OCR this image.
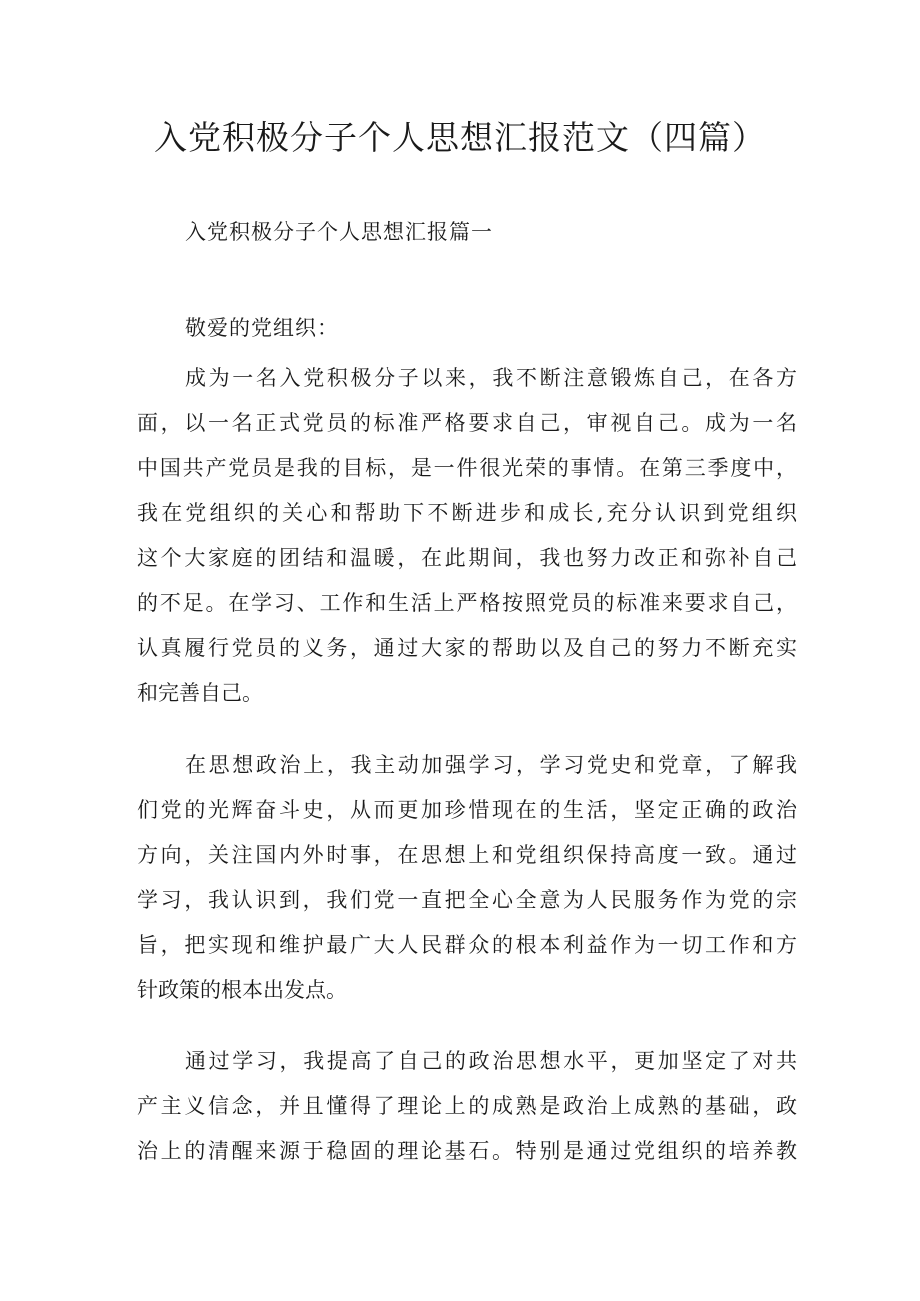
入党积极分子个人思想汇报范文（四篇）
入党积极分子个人思想汇报篇一
敬爱的党组织：
成为一名入党积极分子以来，我不断注意锻炼自己，在各方
面，以一名正式党员的标准严格要求自己，审视自己。成为一名
中国共产党员是我的目标，是一件很光荣的事情。在第三季度中，
我在党组织的关心和帮助下不断进步和成长,充分认识到党组织
这个大家庭的团结和温暖，在此期间，我也努力改正和弥补自己
的不足。在学习、工作和生活上严格按照党员的标准来要求自己，
认真履行党员的义务，通过大家的帮助以及自己的努力不断充实
和完善自己。
在思想政治上，我主动加强学习，学习党史和党章，了解我
们党的光辉奋斗史，从而更加珍惜现在的生活，坚定正确的政治
方向，关注国内外时事，在思想上和党组织保持高度一致。通过
学习，我认识到，我们党一直把全心全意为人民服务作为党的宗
旨，把实现和维护最广大人民群众的根本利益作为一切工作和方
针政策的根本出发点。
通过学习，我提高了自己的政治思想水平，更加坚定了对共
产主义信念，并且懂得了理论上的成熟是政治上成熟的基础，政
治上的清醒来源于稳固的理论基石。特别是通过党组织的培养教
